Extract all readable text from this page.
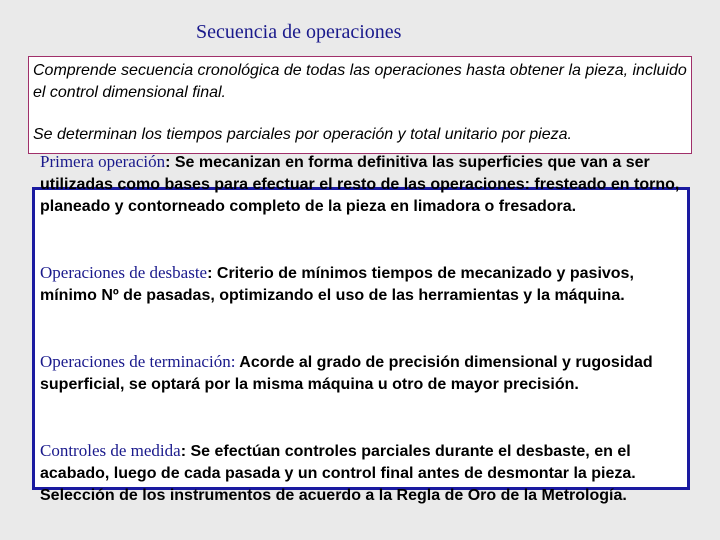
Secuencia de operaciones
Comprende secuencia cronológica de todas las operaciones hasta obtener la pieza, incluido el control dimensional final.
Se determinan los tiempos parciales por operación y total unitario por pieza.
Primera operación: Se mecanizan en forma definitiva las superficies que van a ser utilizadas como bases para efectuar el resto de las operaciones: fresteado en torno, planeado y contorneado completo de la pieza en limadora o fresadora.
Operaciones de desbaste: Criterio de mínimos tiempos de mecanizado y pasivos, mínimo Nº de pasadas, optimizando el uso de las herramientas y la máquina.
Operaciones de terminación: Acorde al grado de precisión dimensional y rugosidad superficial, se optará por la misma máquina u otro de mayor precisión.
Controles de medida: Se efectúan controles parciales durante el desbaste, en el acabado, luego de cada pasada y un control final antes de desmontar la pieza. Selección de los instrumentos de acuerdo a la Regla de Oro de la Metrología.
